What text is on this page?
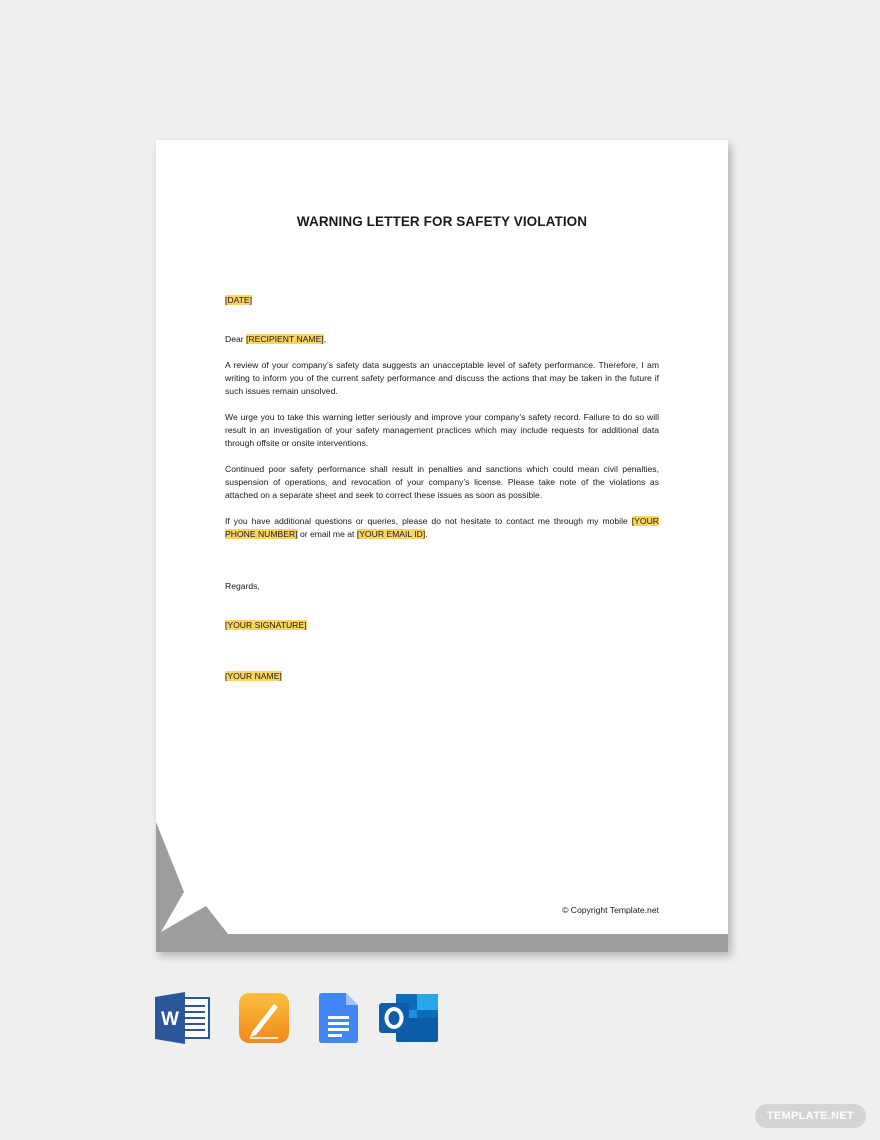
WARNING LETTER FOR SAFETY VIOLATION

[DATE]

Dear [RECIPIENT NAME],

A review of your company’s safety data suggests an unacceptable level of safety performance. Therefore, I am writing to inform you of the current safety performance and discuss the actions that may be taken in the future if such issues remain unsolved.

We urge you to take this warning letter seriously and improve your company’s safety record. Failure to do so will result in an investigation of your safety management practices which may include requests for additional data through offsite or onsite interventions.

Continued poor safety performance shall result in penalties and sanctions which could mean civil penalties, suspension of operations, and revocation of your company’s license. Please take note of the violations as attached on a separate sheet and seek to correct these issues as soon as possible.

If you have additional questions or queries, please do not hesitate to contact me through my mobile [YOUR PHONE NUMBER] or email me at [YOUR EMAIL ID].

Regards,

[YOUR SIGNATURE]

[YOUR NAME]

© Copyright Template.net
W
TEMPLATE.NET
